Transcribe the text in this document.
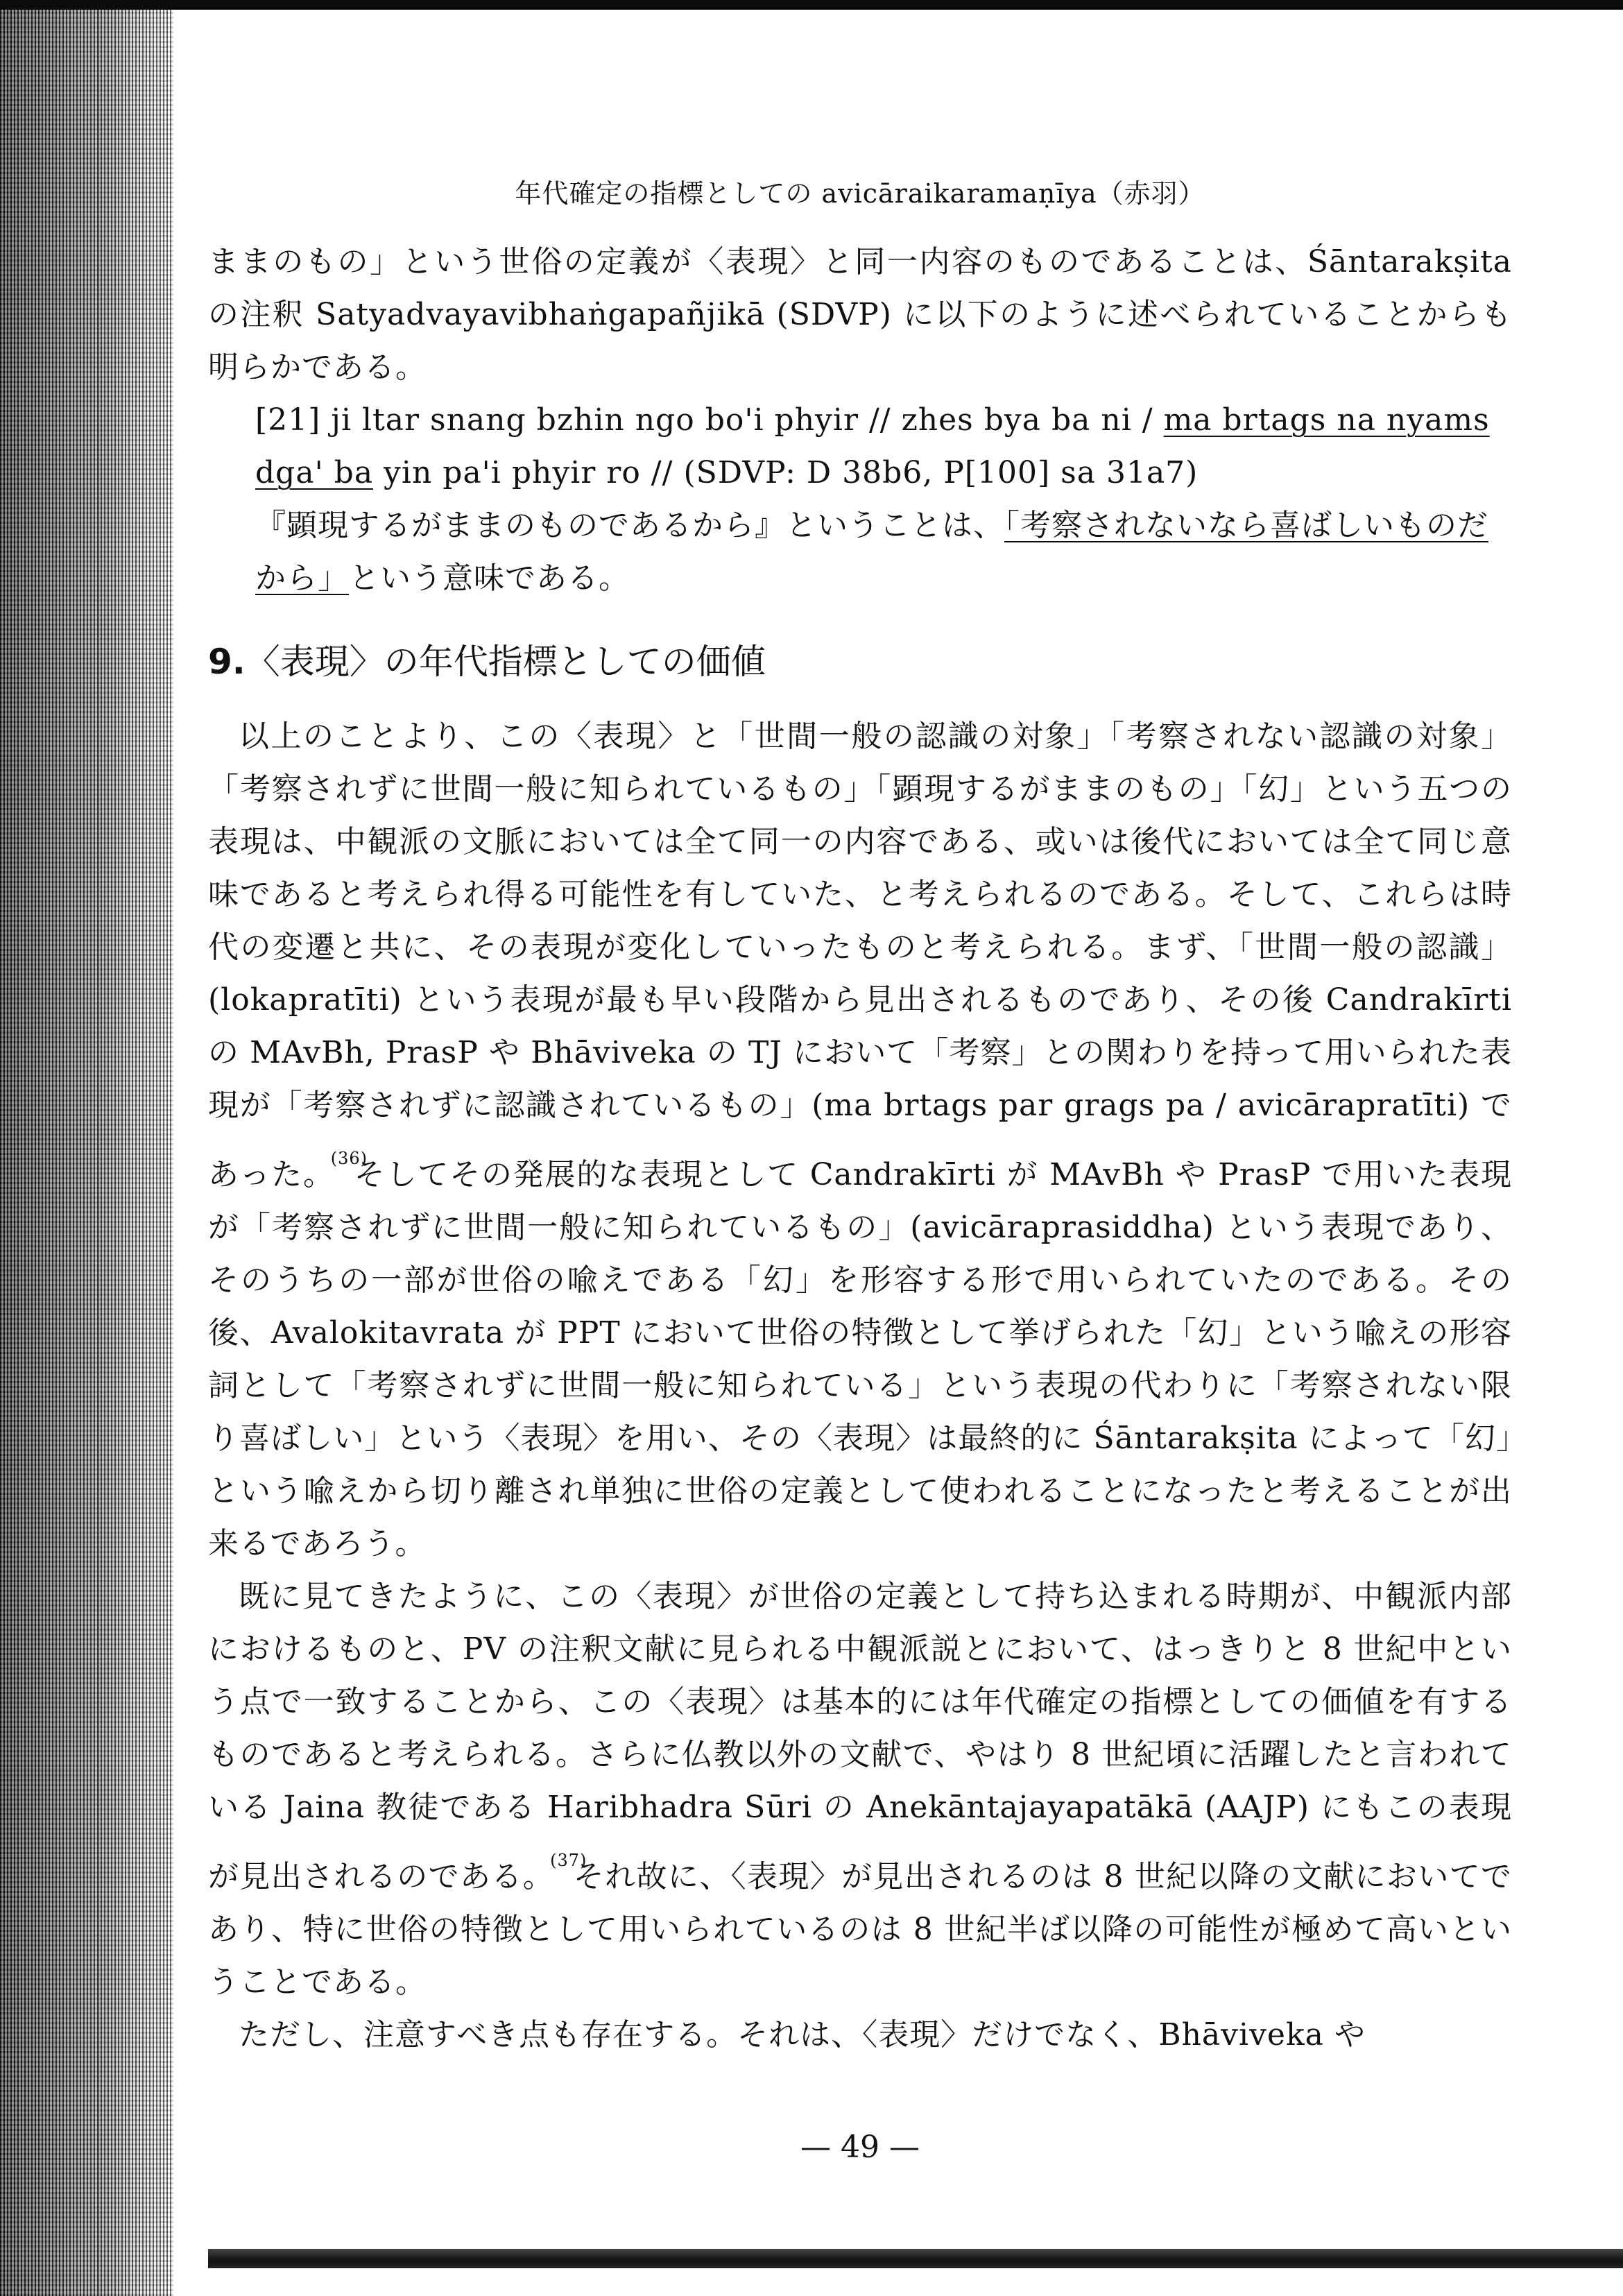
年代確定の指標としての avicāraikaramaṇīya（赤羽）

ままのもの」という世俗の定義が〈表現〉と同一内容のものであることは、Śāntarakṣita の注釈 Satyadvayavibhaṅgapañjikā (SDVP) に以下のように述べられていることからも明らかである。

[21] ji ltar snang bzhin ngo bo'i phyir // zhes bya ba ni / ma brtags na nyams dga' ba yin pa'i phyir ro // (SDVP: D 38b6, P[100] sa 31a7)
『顕現するがままのものであるから』ということは、「考察されないなら喜ばしいものだから」という意味である。
9.〈表現〉の年代指標としての価値

以上のことより、この〈表現〉と「世間一般の認識の対象」「考察されない認識の対象」「考察されずに世間一般に知られているもの」「顕現するがままのもの」「幻」という五つの表現は、中観派の文脈においては全て同一の内容である、或いは後代においては全て同じ意味であると考えられ得る可能性を有していた、と考えられるのである。そして、これらは時代の変遷と共に、その表現が変化していったものと考えられる。まず、「世間一般の認識」(lokapratīti) という表現が最も早い段階から見出されるものであり、その後 Candrakīrti の MAvBh, PrasP や Bhāviveka の TJ において「考察」との関わりを持って用いられた表現が「考察されずに認識されているもの」(ma brtags par grags pa / avicārapratīti) であった。$^{(36)}$そしてその発展的な表現として Candrakīrti が MAvBh や PrasP で用いた表現が「考察されずに世間一般に知られているもの」(avicāraprasiddha) という表現であり、そのうちの一部が世俗の喩えである「幻」を形容する形で用いられていたのである。その後、Avalokitavrata が PPT において世俗の特徴として挙げられた「幻」という喩えの形容詞として「考察されずに世間一般に知られている」という表現の代わりに「考察されない限り喜ばしい」という〈表現〉を用い、その〈表現〉は最終的に Śāntarakṣita によって「幻」という喩えから切り離され単独に世俗の定義として使われることになったと考えることが出来るであろう。

既に見てきたように、この〈表現〉が世俗の定義として持ち込まれる時期が、中観派内部におけるものと、PV の注釈文献に見られる中観派説とにおいて、はっきりと 8 世紀中という点で一致することから、この〈表現〉は基本的には年代確定の指標としての価値を有するものであると考えられる。さらに仏教以外の文献で、やはり 8 世紀頃に活躍したと言われている Jaina 教徒である Haribhadra Sūri の Anekāntajayapatākā (AAJP) にもこの表現が見出されるのである。$^{(37)}$それ故に、〈表現〉が見出されるのは 8 世紀以降の文献においてであり、特に世俗の特徴として用いられているのは 8 世紀半ば以降の可能性が極めて高いということである。

ただし、注意すべき点も存在する。それは、〈表現〉だけでなく、Bhāviveka や

— 49 —
